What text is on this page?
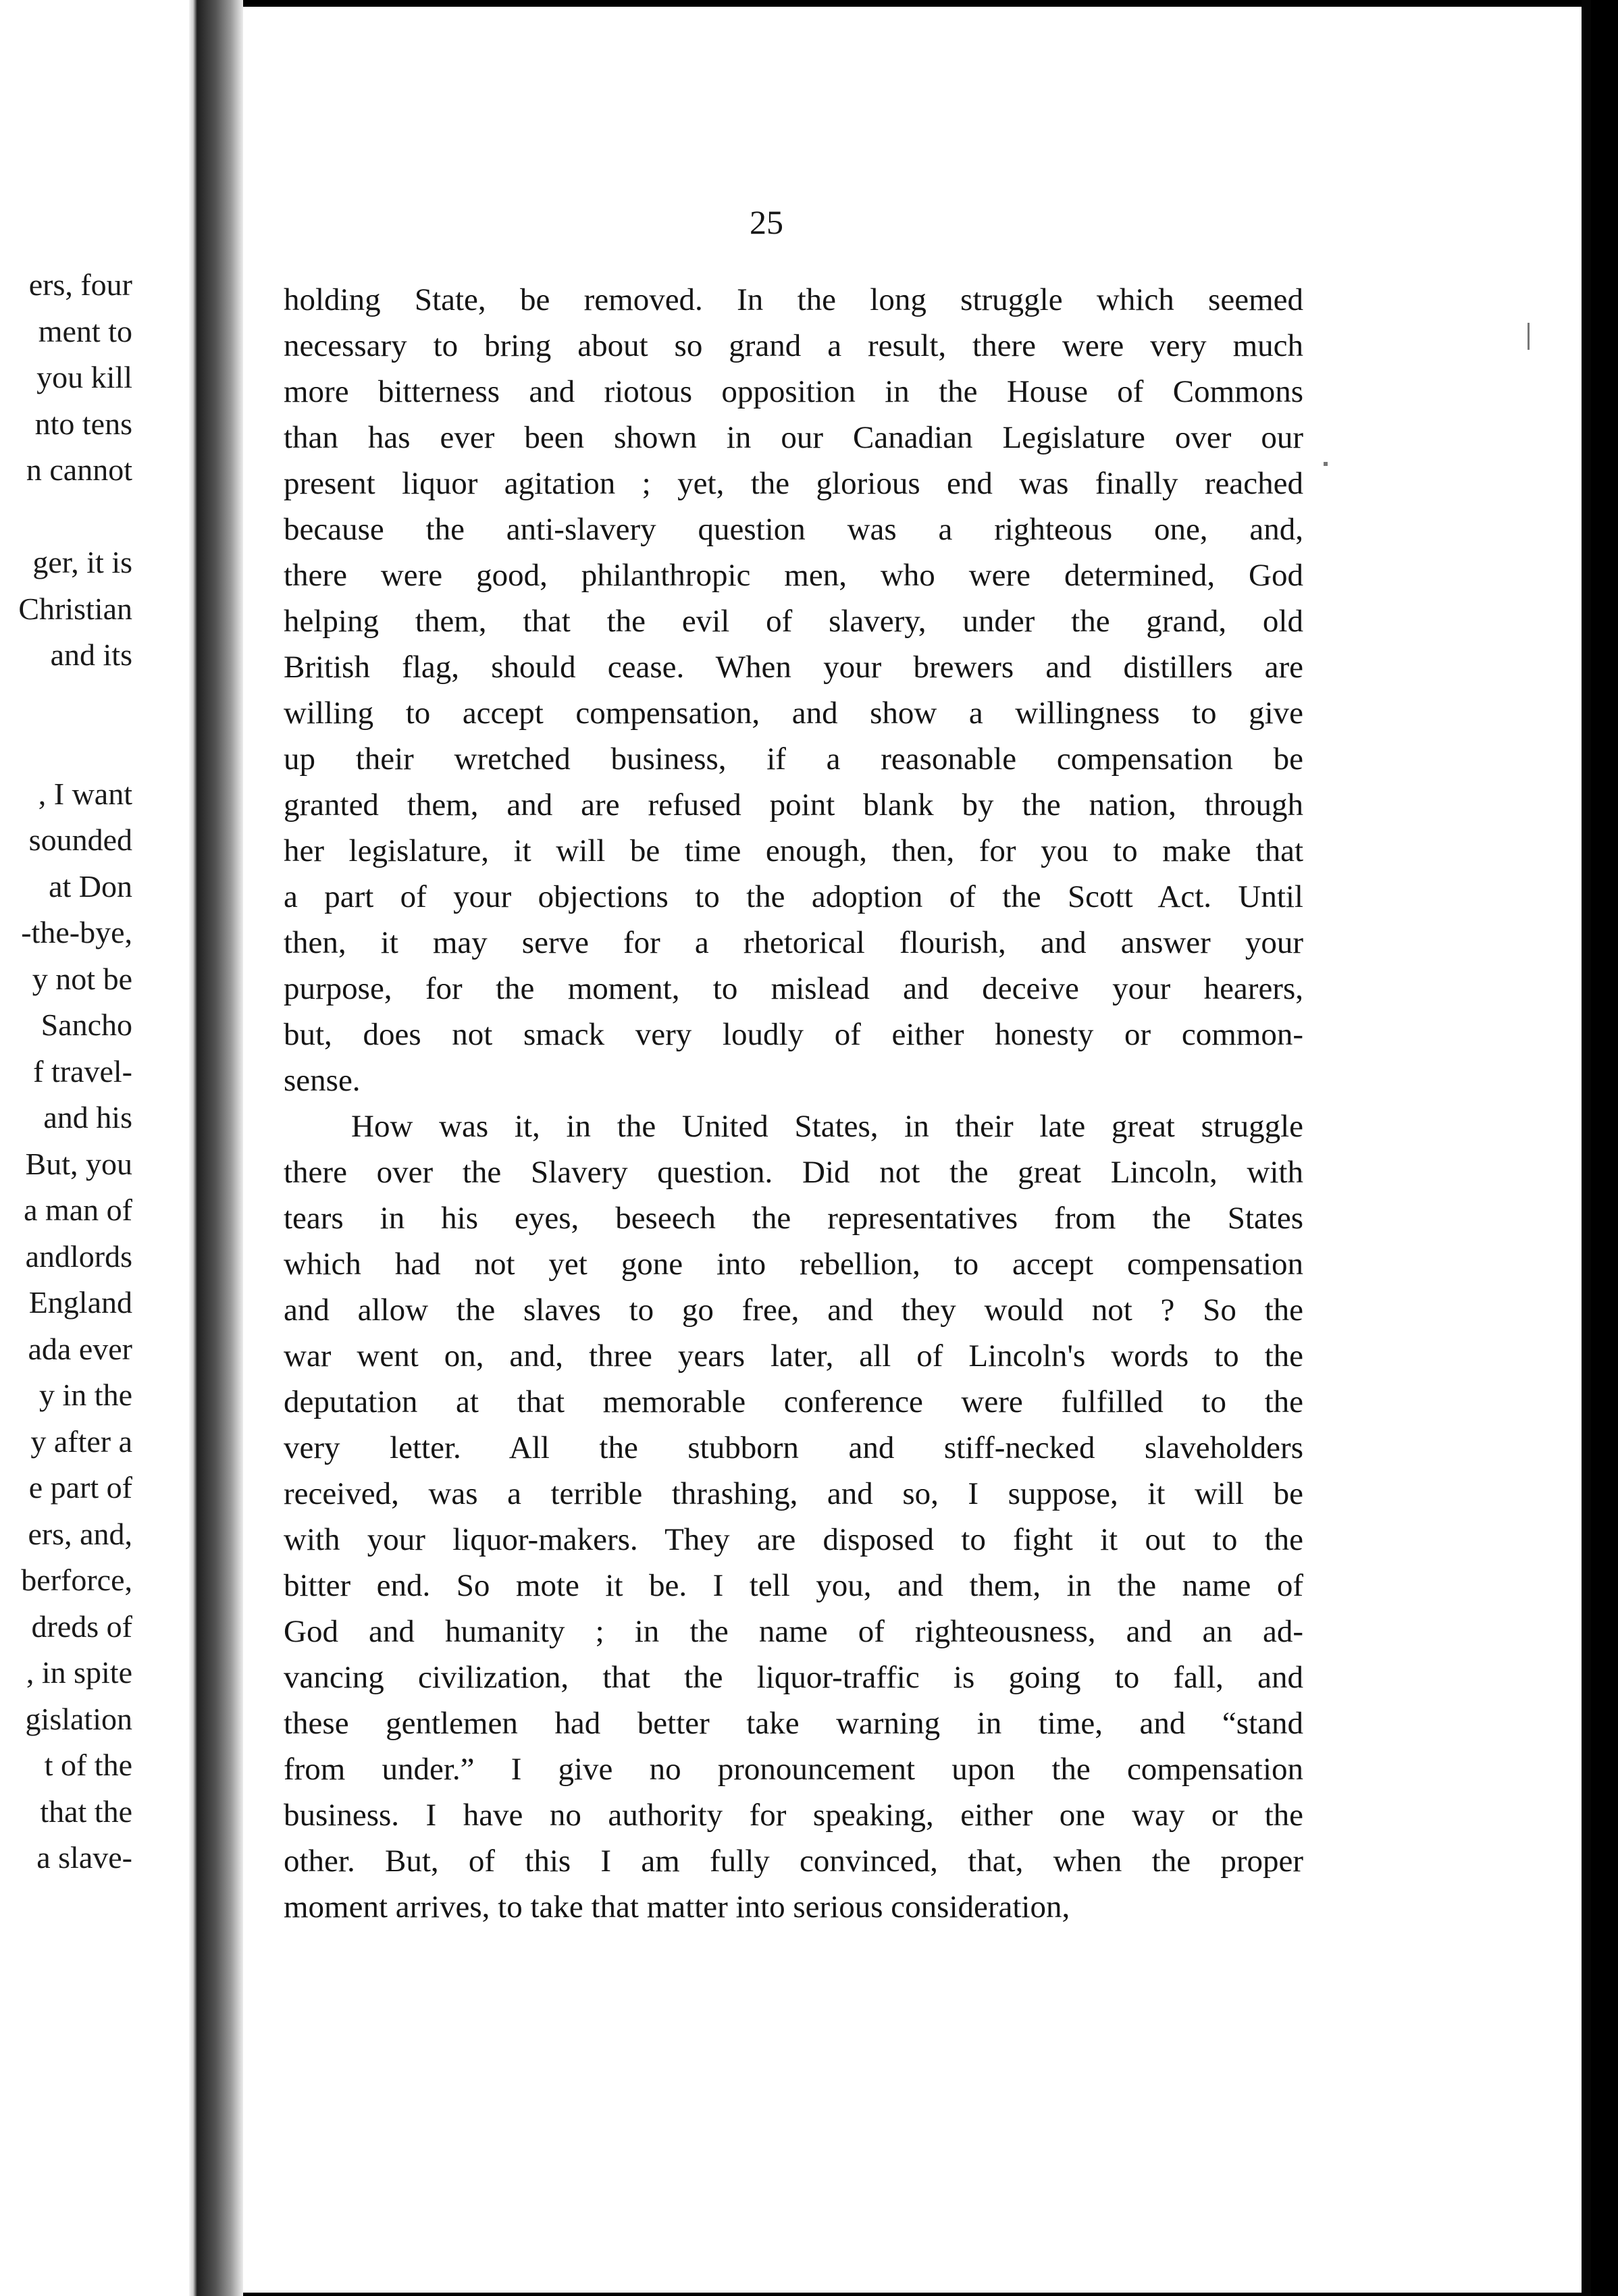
ers, four
ment to
you kill
nto tens
n cannot
ger, it is
Christian
and its
, I want
sounded
at Don
-the-bye,
y not be
Sancho
f travel-
and his
But, you
a man of
andlords
England
ada ever
y in the
y after a
e part of
ers, and,
berforce,
dreds of
, in spite
gislation
t of the
that the
a slave-
25
holding State, be removed. In the long struggle which seemed
necessary to bring about so grand a result, there were very much
more bitterness and riotous opposition in the House of Commons
than has ever been shown in our Canadian Legislature over our
present liquor agitation ; yet, the glorious end was finally reached
because the anti-slavery question was a righteous one, and,
there were good, philanthropic men, who were determined, God
helping them, that the evil of slavery, under the grand, old
British flag, should cease. When your brewers and distillers are
willing to accept compensation, and show a willingness to give
up their wretched business, if a reasonable compensation be
granted them, and are refused point blank by the nation, through
her legislature, it will be time enough, then, for you to make that
a part of your objections to the adoption of the Scott Act. Until
then, it may serve for a rhetorical flourish, and answer your
purpose, for the moment, to mislead and deceive your hearers,
but, does not smack very loudly of either honesty or common-
sense.
How was it, in the United States, in their late great struggle
there over the Slavery question. Did not the great Lincoln, with
tears in his eyes, beseech the representatives from the States
which had not yet gone into rebellion, to accept compensation
and allow the slaves to go free, and they would not ? So the
war went on, and, three years later, all of Lincoln's words to the
deputation at that memorable conference were fulfilled to the
very letter. All the stubborn and stiff-necked slaveholders
received, was a terrible thrashing, and so, I suppose, it will be
with your liquor-makers. They are disposed to fight it out to the
bitter end. So mote it be. I tell you, and them, in the name of
God and humanity ; in the name of righteousness, and an ad-
vancing civilization, that the liquor-traffic is going to fall, and
these gentlemen had better take warning in time, and “stand
from under.” I give no pronouncement upon the compensation
business. I have no authority for speaking, either one way or the
other. But, of this I am fully convinced, that, when the proper
moment arrives, to take that matter into serious consideration,
